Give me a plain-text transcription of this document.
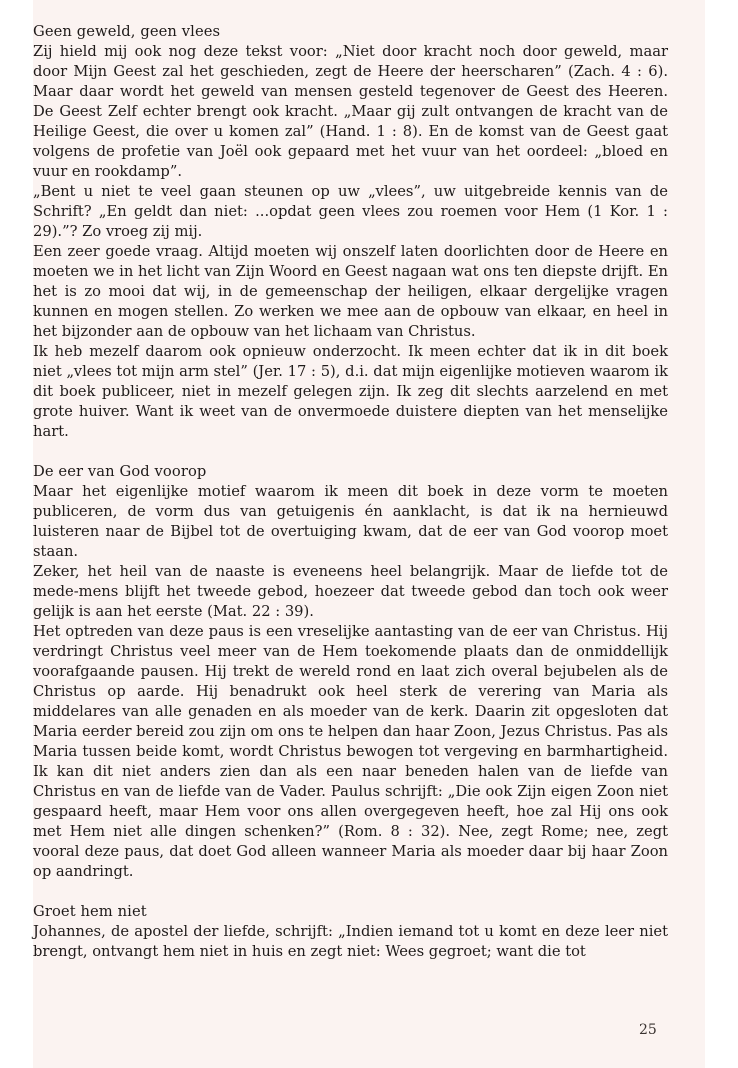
Geen geweld, geen vlees

Zij hield mij ook nog deze tekst voor: „Niet door kracht noch door geweld, maar door Mijn Geest zal het geschieden, zegt de Heere der heerscharen” (Zach. 4 : 6). Maar daar wordt het geweld van mensen gesteld tegenover de Geest des Heeren. De Geest Zelf echter brengt ook kracht. „Maar gij zult ontvangen de kracht van de Heilige Geest, die over u komen zal” (Hand. 1 : 8). En de komst van de Geest gaat volgens de profetie van Joël ook gepaard met het vuur van het oordeel: „bloed en vuur en rookdamp”.

„Bent u niet te veel gaan steunen op uw „vlees”, uw uitgebreide kennis van de Schrift? „En geldt dan niet: ...opdat geen vlees zou roemen voor Hem (1 Kor. 1 : 29).”? Zo vroeg zij mij.

Een zeer goede vraag. Altijd moeten wij onszelf laten doorlichten door de Heere en moeten we in het licht van Zijn Woord en Geest nagaan wat ons ten diepste drijft. En het is zo mooi dat wij, in de gemeenschap der heiligen, elkaar dergelijke vragen kunnen en mogen stellen. Zo werken we mee aan de opbouw van elkaar, en heel in het bijzonder aan de opbouw van het lichaam van Christus.

Ik heb mezelf daarom ook opnieuw onderzocht. Ik meen echter dat ik in dit boek niet „vlees tot mijn arm stel” (Jer. 17 : 5), d.i. dat mijn eigenlijke motieven waarom ik dit boek publiceer, niet in mezelf gelegen zijn. Ik zeg dit slechts aarzelend en met grote huiver. Want ik weet van de onvermoede duistere diepten van het menselijke hart.

De eer van God voorop

Maar het eigenlijke motief waarom ik meen dit boek in deze vorm te moeten publiceren, de vorm dus van getuigenis én aanklacht, is dat ik na hernieuwd luisteren naar de Bijbel tot de overtuiging kwam, dat de eer van God voorop moet staan.

Zeker, het heil van de naaste is eveneens heel belangrijk. Maar de liefde tot de mede-mens blijft het tweede gebod, hoezeer dat tweede gebod dan toch ook weer gelijk is aan het eerste (Mat. 22 : 39).

Het optreden van deze paus is een vreselijke aantasting van de eer van Christus. Hij verdringt Christus veel meer van de Hem toekomende plaats dan de onmiddellijk voorafgaande pausen. Hij trekt de wereld rond en laat zich overal bejubelen als de Christus op aarde. Hij benadrukt ook heel sterk de verering van Maria als middelares van alle genaden en als moeder van de kerk. Daarin zit opgesloten dat Maria eerder bereid zou zijn om ons te helpen dan haar Zoon, Jezus Christus. Pas als Maria tussen beide komt, wordt Christus bewogen tot vergeving en barmhartigheid. Ik kan dit niet anders zien dan als een naar beneden halen van de liefde van Christus en van de liefde van de Vader. Paulus schrijft: „Die ook Zijn eigen Zoon niet gespaard heeft, maar Hem voor ons allen overgegeven heeft, hoe zal Hij ons ook met Hem niet alle dingen schenken?” (Rom. 8 : 32). Nee, zegt Rome; nee, zegt vooral deze paus, dat doet God alleen wanneer Maria als moeder daar bij haar Zoon op aandringt.

Groet hem niet

Johannes, de apostel der liefde, schrijft: „Indien iemand tot u komt en deze leer niet brengt, ontvangt hem niet in huis en zegt niet: Wees gegroet; want die tot

25
